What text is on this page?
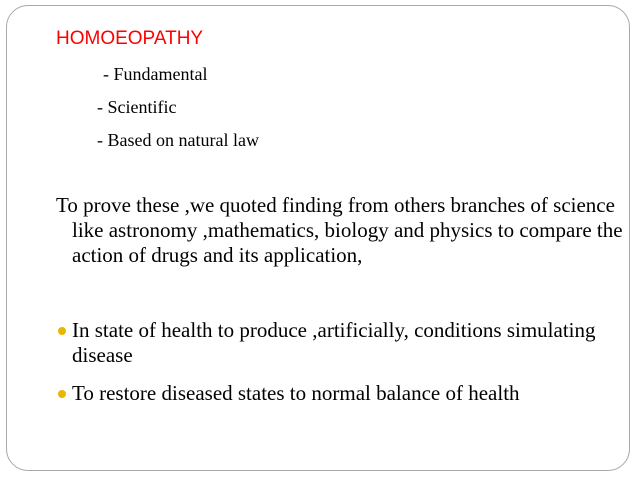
HOMOEOPATHY
- Fundamental
- Scientific
- Based on natural law

To prove these ,we quoted finding from others branches of science like astronomy ,mathematics, biology and physics to compare the action of drugs and its application,

In state of health to produce ,artificially, conditions simulating disease
To restore diseased states to normal balance of health
